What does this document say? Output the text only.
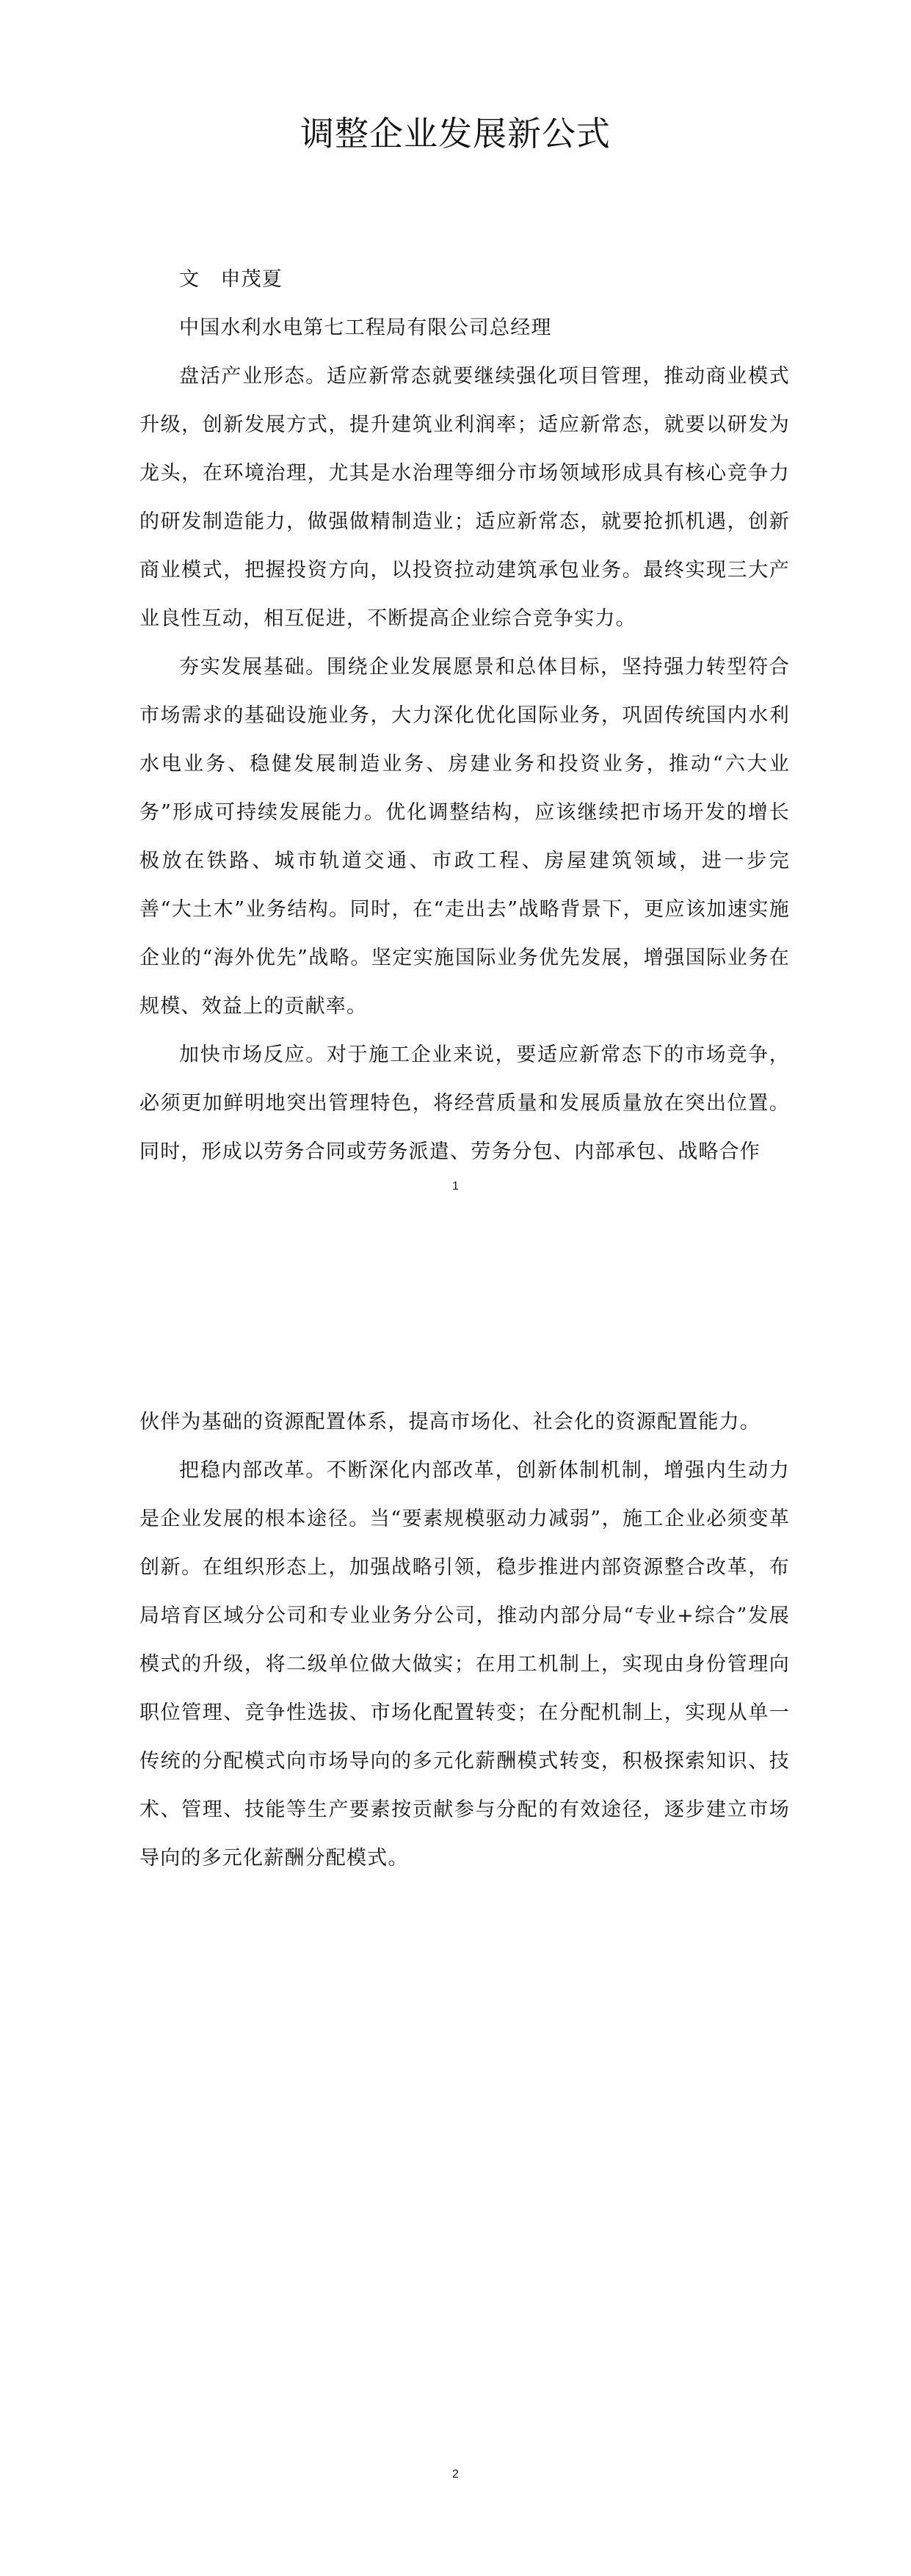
调整企业发展新公式

文　申茂夏

中国水利水电第七工程局有限公司总经理

盘活产业形态。适应新常态就要继续强化项目管理，推动商业模式升级，创新发展方式，提升建筑业利润率；适应新常态，就要以研发为龙头，在环境治理，尤其是水治理等细分市场领域形成具有核心竞争力的研发制造能力，做强做精制造业；适应新常态，就要抢抓机遇，创新商业模式，把握投资方向，以投资拉动建筑承包业务。最终实现三大产业良性互动，相互促进，不断提高企业综合竞争实力。

夯实发展基础。围绕企业发展愿景和总体目标，坚持强力转型符合市场需求的基础设施业务，大力深化优化国际业务，巩固传统国内水利水电业务、稳健发展制造业务、房建业务和投资业务，推动“六大业务”形成可持续发展能力。优化调整结构，应该继续把市场开发的增长极放在铁路、城市轨道交通、市政工程、房屋建筑领域，进一步完善“大土木”业务结构。同时，在“走出去”战略背景下，更应该加速实施企业的“海外优先”战略。坚定实施国际业务优先发展，增强国际业务在规模、效益上的贡献率。

加快市场反应。对于施工企业来说，要适应新常态下的市场竞争，必须更加鲜明地突出管理特色，将经营质量和发展质量放在突出位置。同时，形成以劳务合同或劳务派遣、劳务分包、内部承包、战略合作

1

伙伴为基础的资源配置体系，提高市场化、社会化的资源配置能力。

把稳内部改革。不断深化内部改革，创新体制机制，增强内生动力是企业发展的根本途径。当“要素规模驱动力减弱”，施工企业必须变革创新。在组织形态上，加强战略引领，稳步推进内部资源整合改革，布局培育区域分公司和专业业务分公司，推动内部分局“专业+综合”发展模式的升级，将二级单位做大做实；在用工机制上，实现由身份管理向职位管理、竞争性选拔、市场化配置转变；在分配机制上，实现从单一传统的分配模式向市场导向的多元化薪酬模式转变，积极探索知识、技术、管理、技能等生产要素按贡献参与分配的有效途径，逐步建立市场导向的多元化薪酬分配模式。

2
